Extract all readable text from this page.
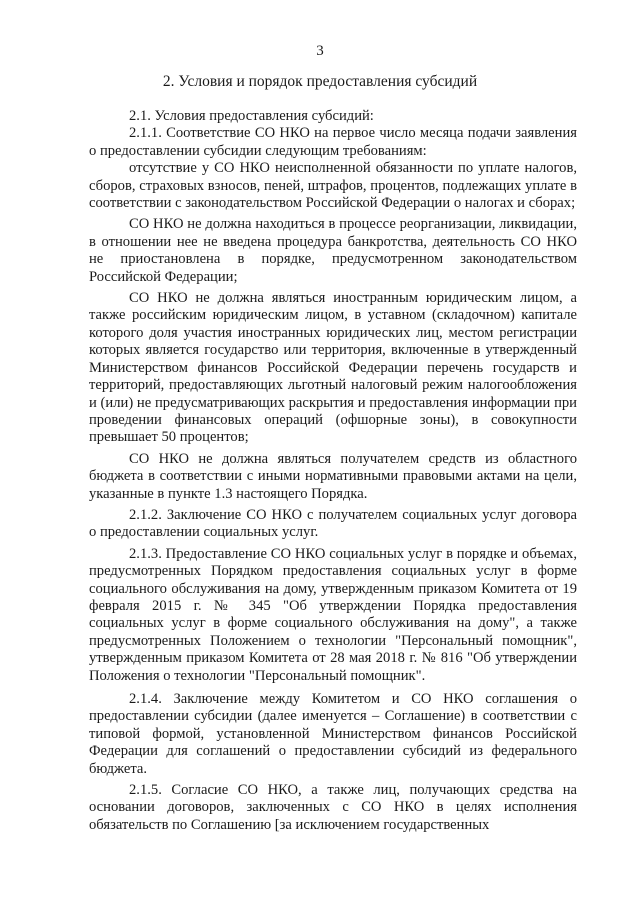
3
2. Условия и порядок предоставления субсидий

2.1. Условия предоставления субсидий:

2.1.1. Соответствие СО НКО на первое число месяца подачи заявления о предоставлении субсидии следующим требованиям:

отсутствие у СО НКО неисполненной обязанности по уплате налогов, сборов, страховых взносов, пеней, штрафов, процентов, подлежащих уплате в соответствии с законодательством Российской Федерации о налогах и сборах;

СО НКО не должна находиться в процессе реорганизации, ликвидации, в отношении нее не введена процедура банкротства, деятельность СО НКО не приостановлена в порядке, предусмотренном законодательством Российской Федерации;

СО НКО не должна являться иностранным юридическим лицом, а также российским юридическим лицом, в уставном (складочном) капитале которого доля участия иностранных юридических лиц, местом регистрации которых является государство или территория, включенные в утвержденный Министерством финансов Российской Федерации перечень государств и территорий, предоставляющих льготный налоговый режим налогообложения и (или) не предусматривающих раскрытия и предоставления информации при проведении финансовых операций (офшорные зоны), в совокупности превышает 50 процентов;

СО НКО не должна являться получателем средств из областного бюджета в соответствии с иными нормативными правовыми актами на цели, указанные в пункте 1.3 настоящего Порядка.

2.1.2. Заключение СО НКО с получателем социальных услуг договора о предоставлении социальных услуг.

2.1.3. Предоставление СО НКО социальных услуг в порядке и объемах, предусмотренных Порядком предоставления социальных услуг в форме социального обслуживания на дому, утвержденным приказом Комитета от 19 февраля 2015 г. № 345 "Об утверждении Порядка предоставления социальных услуг в форме социального обслуживания на дому", а также предусмотренных Положением о технологии "Персональный помощник", утвержденным приказом Комитета от 28 мая 2018 г. № 816 "Об утверждении Положения о технологии "Персональный помощник".

2.1.4. Заключение между Комитетом и СО НКО соглашения о предоставлении субсидии (далее именуется – Соглашение) в соответствии с типовой формой, установленной Министерством финансов Российской Федерации для соглашений о предоставлении субсидий из федерального бюджета.

2.1.5. Согласие СО НКО, а также лиц, получающих средства на основании договоров, заключенных с СО НКО в целях исполнения обязательств по Соглашению [за исключением государственных
